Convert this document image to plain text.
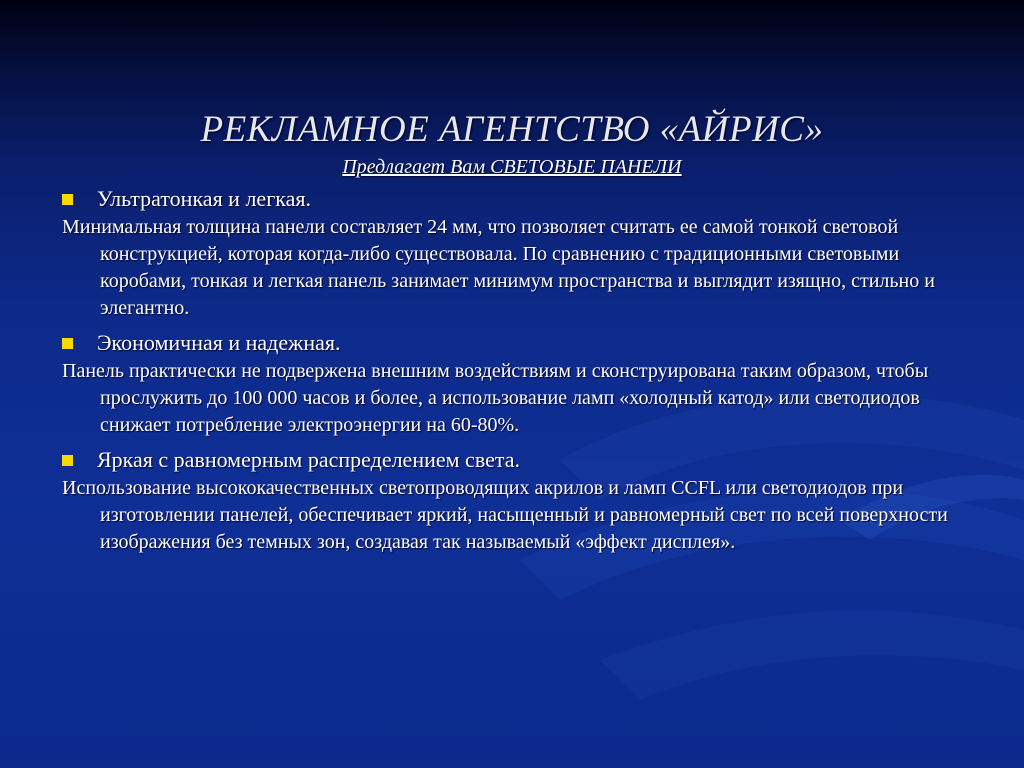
РЕКЛАМНОЕ АГЕНТСТВО «АЙРИС»
Предлагает Вам СВЕТОВЫЕ ПАНЕЛИ
Ультратонкая и легкая.
Минимальная толщина панели составляет 24 мм, что позволяет считать ее самой тонкой световой конструкцией, которая когда-либо существовала. По сравнению с традиционными световыми коробами, тонкая и легкая панель занимает минимум пространства и выглядит изящно, стильно и элегантно.
Экономичная и надежная.
Панель практически не подвержена внешним воздействиям и сконструирована таким образом, чтобы прослужить до 100 000 часов и более, а использование ламп «холодный катод» или светодиодов снижает потребление электроэнергии на 60-80%.
Яркая с равномерным распределением света.
Использование высококачественных светопроводящих акрилов и ламп CCFL или светодиодов при изготовлении панелей, обеспечивает яркий, насыщенный и равномерный свет по всей поверхности изображения без темных зон, создавая так называемый «эффект дисплея».
